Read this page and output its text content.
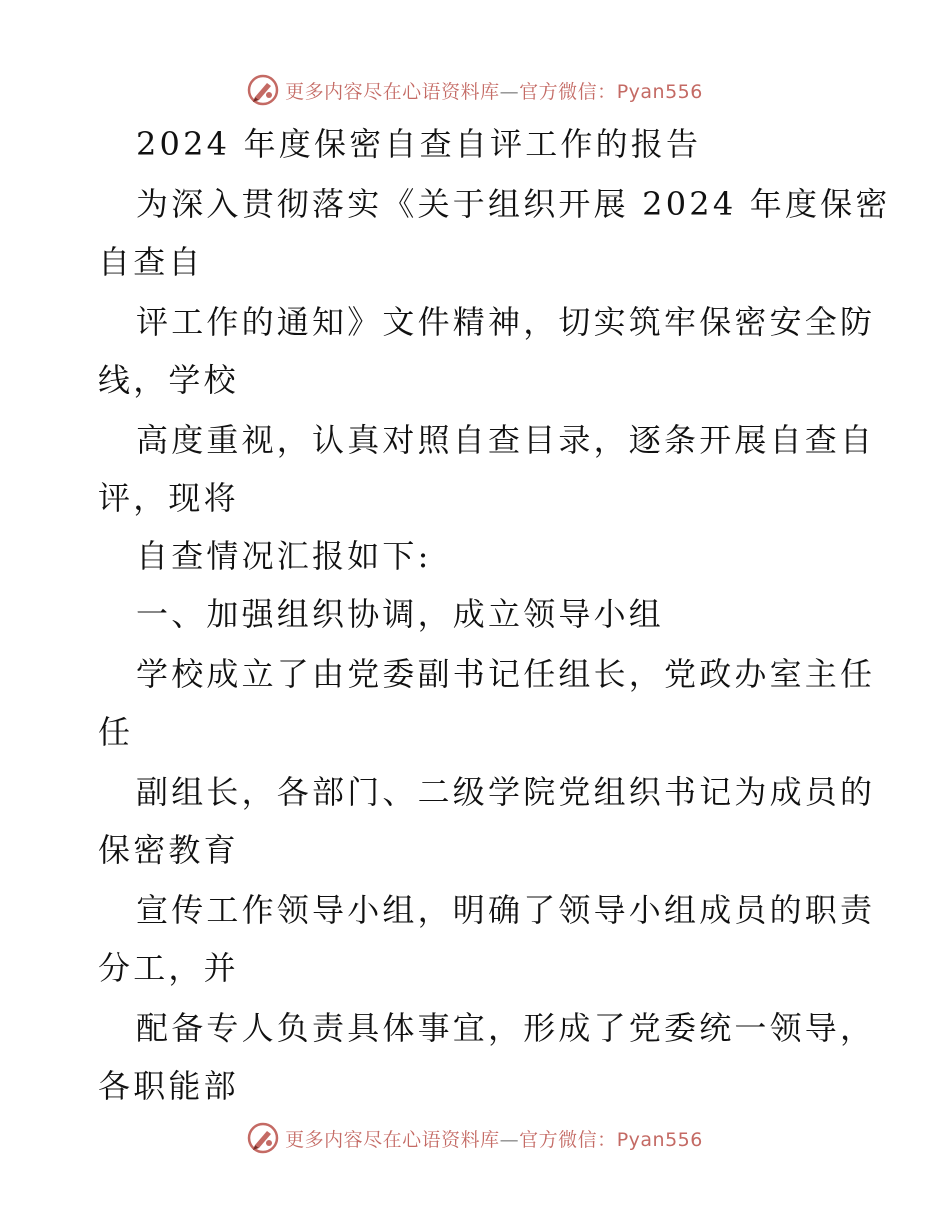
更多内容尽在心语资料库—官方微信：Pyan556
2024 年度保密自查自评工作的报告
为深入贯彻落实《关于组织开展 2024 年度保密
自查自
评工作的通知》文件精神，切实筑牢保密安全防
线，学校
高度重视，认真对照自查目录，逐条开展自查自
评，现将
自查情况汇报如下:
一、加强组织协调，成立领导小组
学校成立了由党委副书记任组长，党政办室主任
任
副组长，各部门、二级学院党组织书记为成员的
保密教育
宣传工作领导小组，明确了领导小组成员的职责
分工，并
配备专人负责具体事宜，形成了党委统一领导，
各职能部
更多内容尽在心语资料库—官方微信：Pyan556
